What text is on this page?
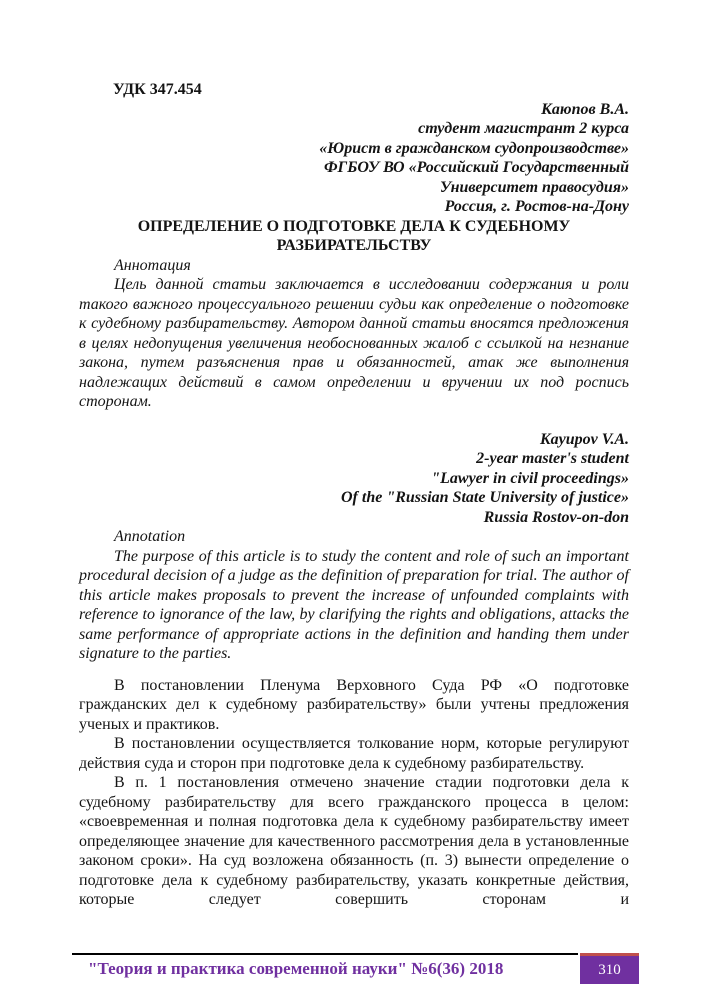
УДК 347.454

Каюпов В.А.

студент магистрант 2 курса

«Юрист в гражданском судопроизводстве»

ФГБОУ ВО «Российский Государственный

Университет правосудия»

Россия, г. Ростов-на-Дону

ОПРЕДЕЛЕНИЕ О ПОДГОТОВКЕ ДЕЛА К СУДЕБНОМУ РАЗБИРАТЕЛЬСТВУ

Аннотация

Цель данной статьи заключается в исследовании содержания и роли такого важного процессуального решении судьи как определение о подготовке к судебному разбирательству. Автором данной статьи вносятся предложения в целях недопущения увеличения необоснованных жалоб с ссылкой на незнание закона, путем разъяснения прав и обязанностей, атак же выполнения надлежащих действий в самом определении и вручении их под роспись сторонам.

Kayupov V.A.

2-year master's student

"Lawyer in civil proceedings»

Of the "Russian State University of justice»

Russia Rostov-on-don

Annotation

The purpose of this article is to study the content and role of such an important procedural decision of a judge as the definition of preparation for trial. The author of this article makes proposals to prevent the increase of unfounded complaints with reference to ignorance of the law, by clarifying the rights and obligations, attacks the same performance of appropriate actions in the definition and handing them under signature to the parties.

В постановлении Пленума Верховного Суда РФ «О подготовке гражданских дел к судебному разбирательству» были учтены предложения ученых и практиков.

В постановлении осуществляется толкование норм, которые регулируют действия суда и сторон при подготовке дела к судебному разбирательству.

В п. 1 постановления отмечено значение стадии подготовки дела к судебному разбирательству для всего гражданского процесса в целом: «своевременная и полная подготовка дела к судебному разбирательству имеет определяющее значение для качественного рассмотрения дела в установленные законом сроки». На суд возложена обязанность (п. 3) вынести определение о подготовке дела к судебному разбирательству, указать конкретные действия, которые следует совершить сторонам и

"Теория и практика современной науки" №6(36) 2018	310
